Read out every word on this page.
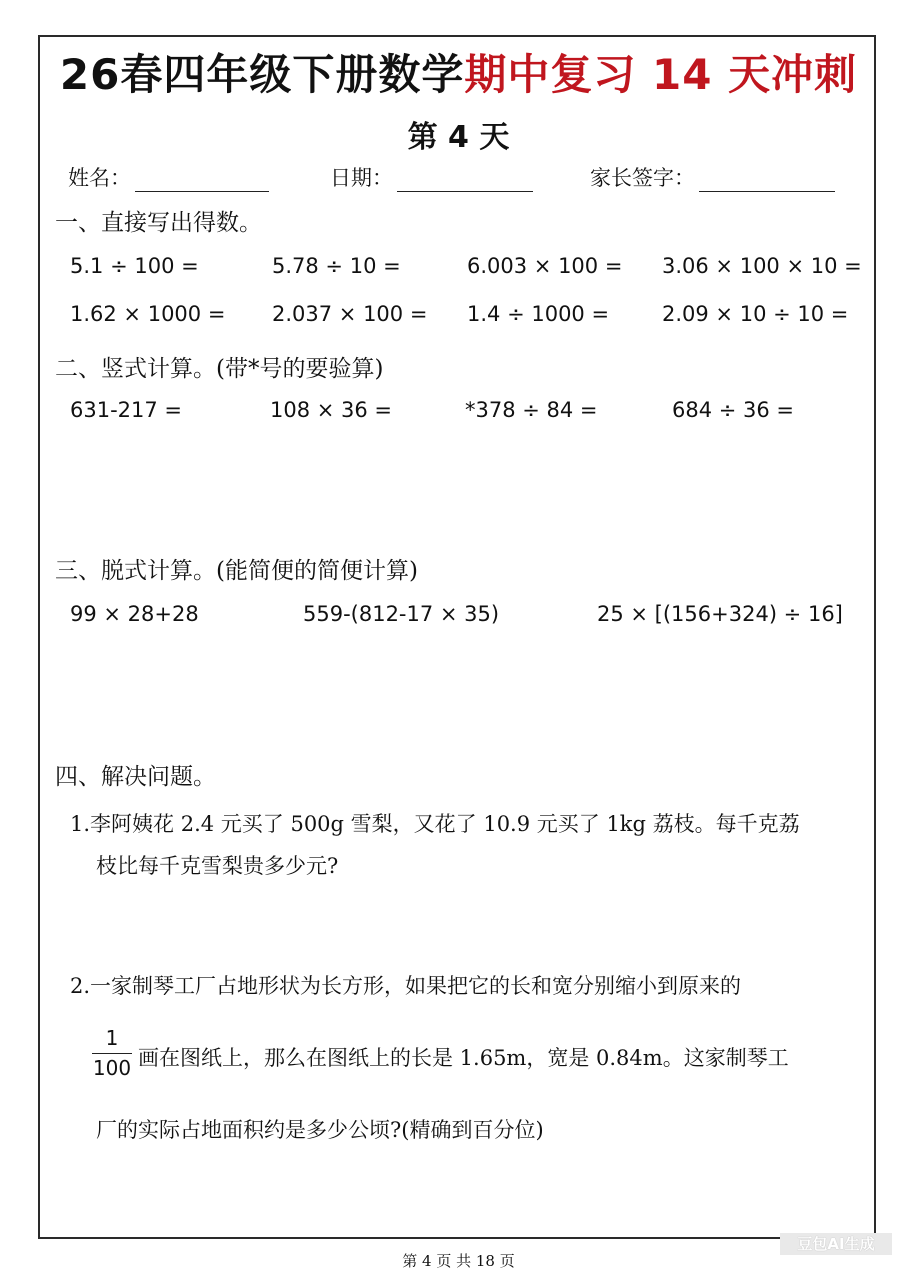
26春四年级下册数学期中复习 14 天冲刺
第 4 天
姓名：	日期：	家长签字：
一、直接写出得数。
5.1 ÷ 100 =	5.78 ÷ 10 =	6.003 × 100 = 3.06 × 100 × 10 =
1.62 × 1000 = 2.037 × 100 = 1.4 ÷ 1000 =	2.09 × 10 ÷ 10 =
二、竖式计算。(带*号的要验算)
631-217 =	108 × 36 =	*378 ÷ 84 =	684 ÷ 36 =
三、脱式计算。(能简便的简便计算)
99 × 28+28	559-(812-17 × 35)	25 × [(156+324) ÷ 16]
四、解决问题。
1.李阿姨花 2.4 元买了 500g 雪梨，又花了 10.9 元买了 1kg 荔枝。每千克荔
枝比每千克雪梨贵多少元?
2.一家制琴工厂占地形状为长方形，如果把它的长和宽分别缩小到原来的
1
100 画在图纸上，那么在图纸上的长是 1.65m，宽是 0.84m。这家制琴工
厂的实际占地面积约是多少公顷?(精确到百分位)
第 4 页 共 18 页
豆包AI生成
